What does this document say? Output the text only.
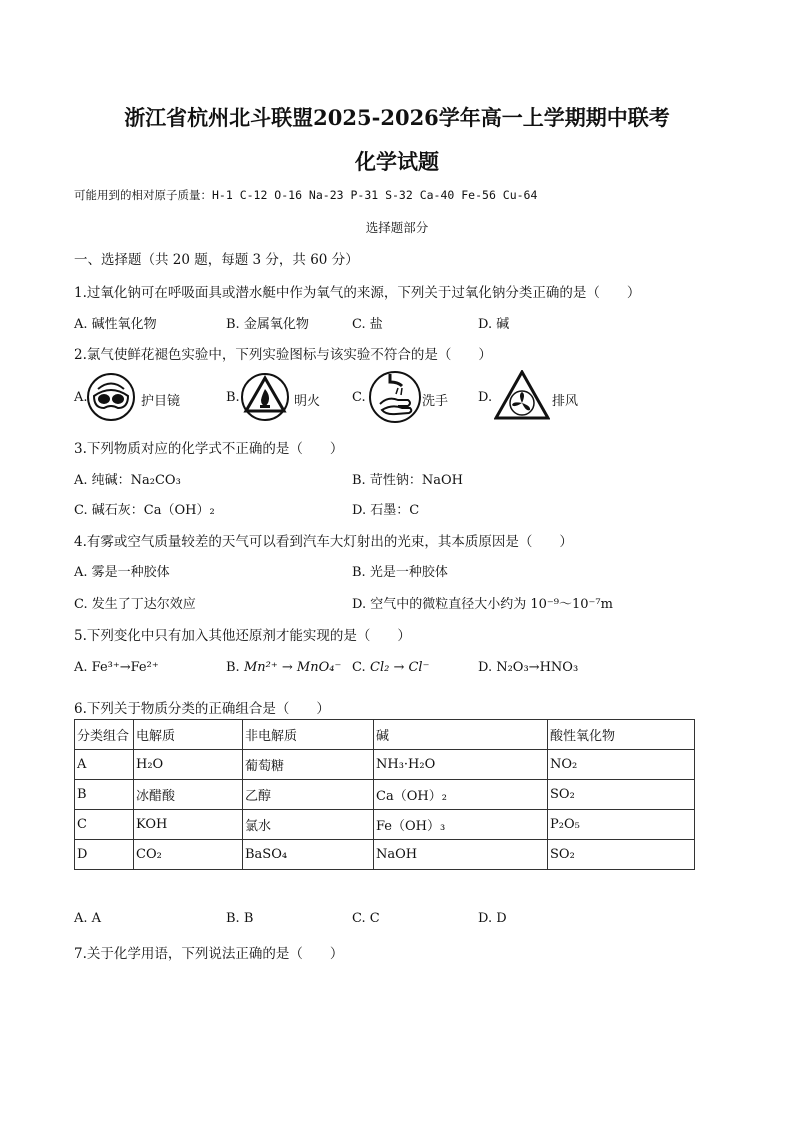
浙江省杭州北斗联盟2025-2026学年高一上学期期中联考
化学试题
可能用到的相对原子质量：H-1 C-12 O-16 Na-23 P-31 S-32 Ca-40 Fe-56 Cu-64
选择题部分
一、选择题（共 20 题，每题 3 分，共 60 分）
1.过氧化钠可在呼吸面具或潜水艇中作为氧气的来源，下列关于过氧化钠分类正确的是（　　）
A. 碱性氧化物	B. 金属氧化物	C. 盐	D. 碱
2.氯气使鲜花褪色实验中，下列实验图标与该实验不符合的是（　　）
A.	护目镜	B.	明火 C.	洗手 D.	排风
3.下列物质对应的化学式不正确的是（　　）
A. 纯碱：Na₂CO₃	B. 苛性钠：NaOH
C. 碱石灰：Ca（OH）₂	D. 石墨：C
4.有雾或空气质量较差的天气可以看到汽车大灯射出的光束，其本质原因是（　　）
A. 雾是一种胶体	B. 光是一种胶体
C. 发生了丁达尔效应	D. 空气中的微粒直径大小约为 10⁻⁹～10⁻⁷m
5.下列变化中只有加入其他还原剂才能实现的是（　　）
A. Fe³⁺→Fe²⁺	B. Mn²⁺ → MnO₄⁻ C. Cl₂ → Cl⁻	D. N₂O₃→HNO₃
6.下列关于物质分类的正确组合是（　　）
分类组合	电解质	非电解质	碱	酸性氧化物
A	H₂O	葡萄糖	NH₃·H₂O	NO₂
B	冰醋酸	乙醇	Ca（OH）₂	SO₂
C	KOH	氯水	Fe（OH）₃	P₂O₅
D	CO₂	BaSO₄	NaOH	SO₂
A. A	B. B	C. C	D. D
7.关于化学用语，下列说法正确的是（　　）
